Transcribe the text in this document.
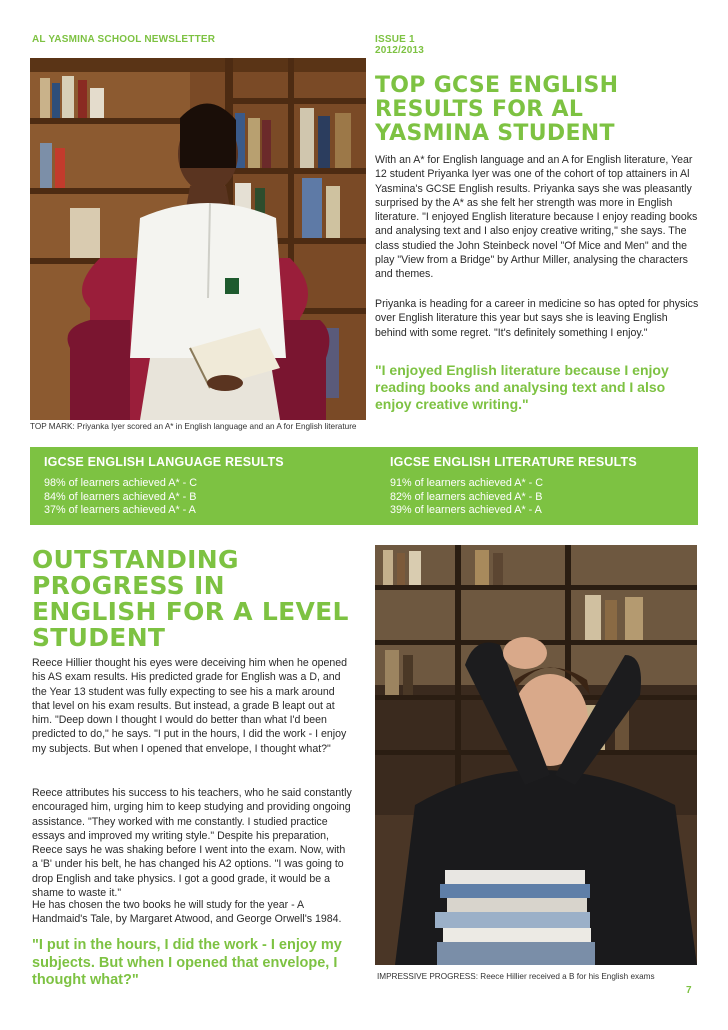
AL YASMINA SCHOOL NEWSLETTER	ISSUE 1
2012/2013
TOP GCSE ENGLISH RESULTS FOR AL YASMINA STUDENT
With an A* for English language and an A for English literature, Year 12 student Priyanka Iyer was one of the cohort of top attainers in Al Yasmina's GCSE English results. Priyanka says she was pleasantly surprised by the A* as she felt her strength was more in English literature. "I enjoyed English literature because I enjoy reading books and analysing text and I also enjoy creative writing," she says. The class studied the John Steinbeck novel "Of Mice and Men" and the play "View from a Bridge" by Arthur Miller, analysing the characters and themes.
Priyanka is heading for a career in medicine so has opted for physics over English literature this year but says she is leaving English behind with some regret. "It's definitely something I enjoy."
"I enjoyed English literature because I enjoy reading books and analysing text and I also enjoy creative writing."
TOP MARK: Priyanka Iyer scored an A* in English language and an A for English literature
IGCSE ENGLISH LANGUAGE RESULTS
98% of learners achieved A* - C
84% of learners achieved A* - B
37% of learners achieved A* - A
IGCSE ENGLISH LITERATURE RESULTS
91% of learners achieved A* - C
82% of learners achieved A* - B
39% of learners achieved A* - A
OUTSTANDING
PROGRESS IN
ENGLISH FOR A LEVEL
STUDENT
Reece Hillier thought his eyes were deceiving him when he opened his AS exam results. His predicted grade for English was a D, and the Year 13 student was fully expecting to see his a mark around that level on his exam results. But instead, a grade B leapt out at him. "Deep down I thought I would do better than what I'd been predicted to do," he says. "I put in the hours, I did the work - I enjoy my subjects. But when I opened that envelope, I thought what?"
Reece attributes his success to his teachers, who he said constantly encouraged him, urging him to keep studying and providing ongoing assistance. "They worked with me constantly. I studied practice essays and improved my writing style." Despite his preparation, Reece says he was shaking before I went into the exam. Now, with a 'B' under his belt, he has changed his A2 options. "I was going to drop English and take physics. I got a good grade, it would be a shame to waste it."
He has chosen the two books he will study for the year - A Handmaid's Tale, by Margaret Atwood, and George Orwell's 1984.
"I put in the hours, I did the work - I enjoy my subjects. But when I opened that envelope, I thought what?"	IMPRESSIVE PROGRESS: Reece Hillier received a B for his English exams
7
